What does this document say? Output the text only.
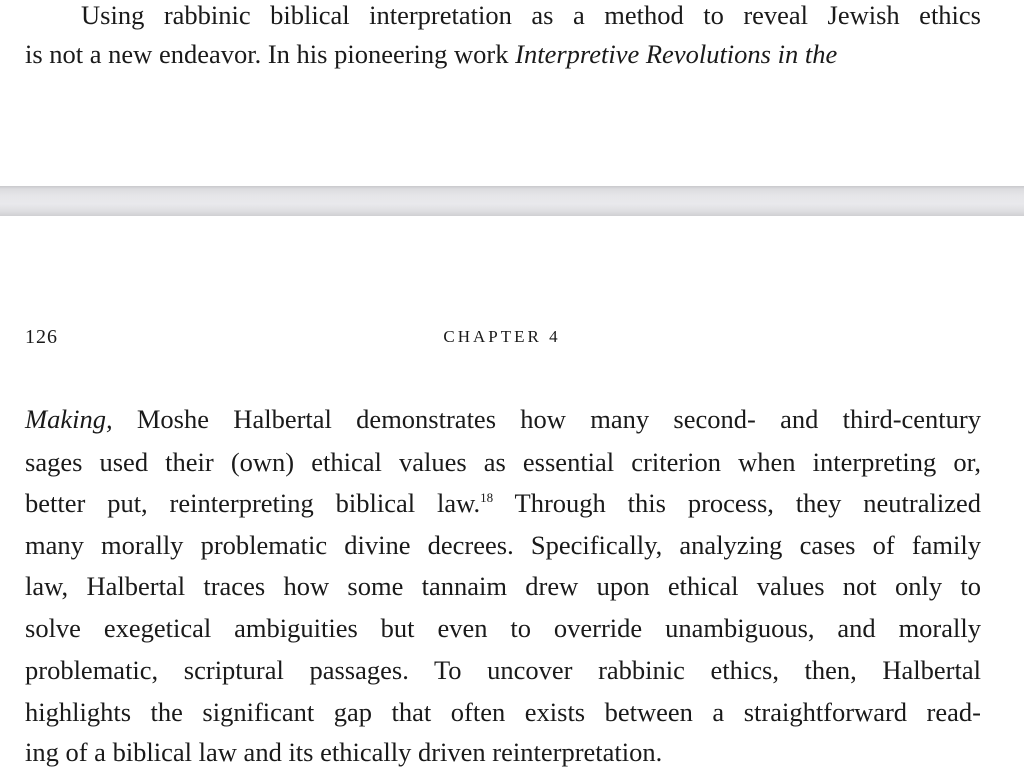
Using rabbinic biblical interpretation as a method to reveal Jewish ethics
is not a new endeavor. In his pioneering work Interpretive Revolutions in the
126	CHAPTER 4
Making, Moshe Halbertal demonstrates how many second- and third-century
sages used their (own) ethical values as essential criterion when interpreting or,
better put, reinterpreting biblical law.$^{18}$ Through this process, they neutralized
many morally problematic divine decrees. Specifically, analyzing cases of family
law, Halbertal traces how some tannaim drew upon ethical values not only to
solve exegetical ambiguities but even to override unambiguous, and morally
problematic, scriptural passages. To uncover rabbinic ethics, then, Halbertal
highlights the significant gap that often exists between a straightforward read-
ing of a biblical law and its ethically driven reinterpretation.
